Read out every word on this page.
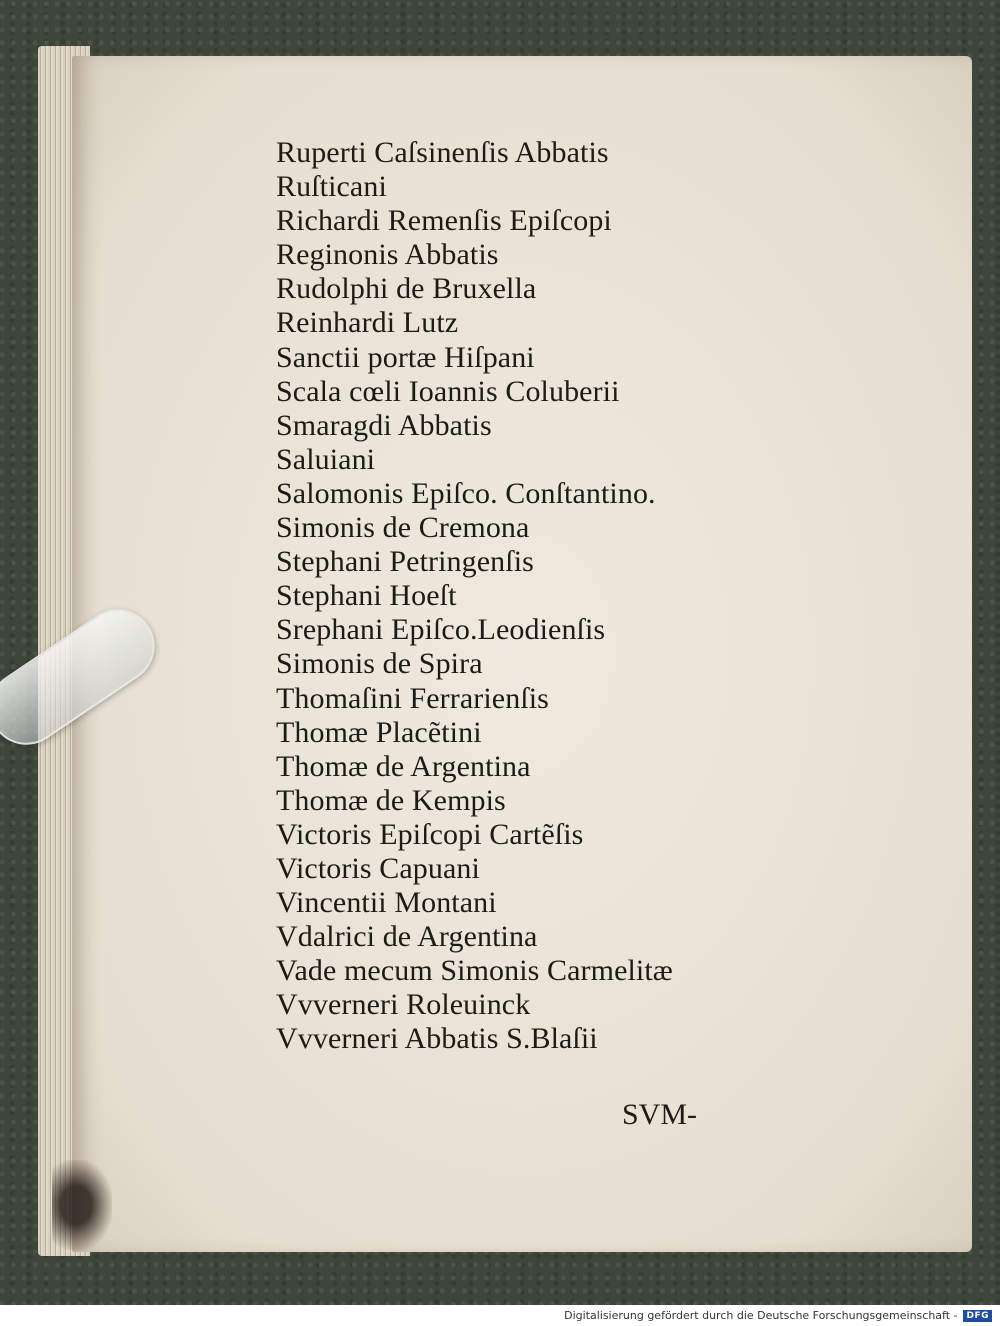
Ruperti Caſsinenſis Abbatis
Ruſticani
Richardi Remenſis Epiſcopi
Reginonis Abbatis
Rudolphi de Bruxella
Reinhardi Lutz
Sanctii portæ Hiſpani
Scala cœli Ioannis Coluberii
Smaragdi Abbatis
Saluiani
Salomonis Epiſco. Conſtantino.
Simonis de Cremona
Stephani Petringenſis
Stephani Hoeſt
Srephani Epiſco.Leodienſis
Simonis de Spira
Thomaſini Ferrarienſis
Thomæ Placẽtini
Thomæ de Argentina
Thomæ de Kempis
Victoris Epiſcopi Cartẽſis
Victoris Capuani
Vincentii Montani
Vdalrici de Argentina
Vade mecum Simonis Carmelitæ
Vvverneri Roleuinck
Vvverneri Abbatis S.Blaſii
SVM-
Digitalisierung gefördert durch die Deutsche Forschungsgemeinschaft -	DFG
